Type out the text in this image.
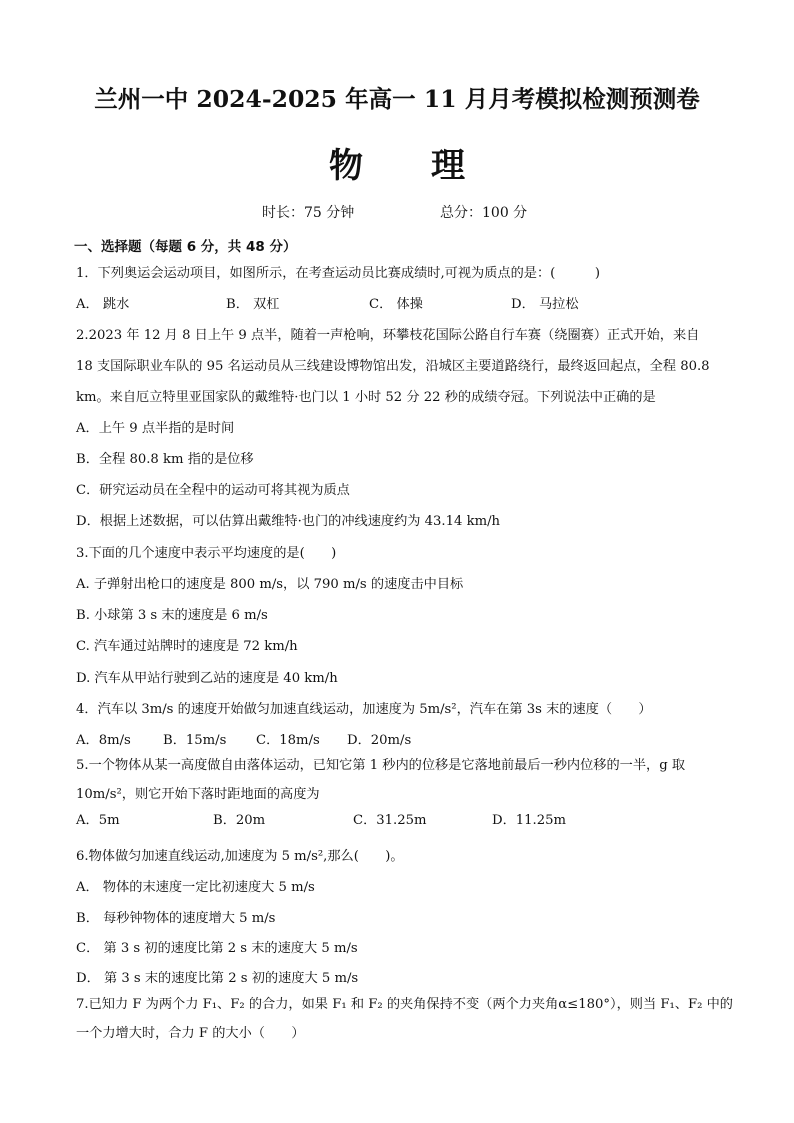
兰州一中 2024-2025 年高一 11 月月考模拟检测预测卷
物　　理
时长：75 分钟	总分：100 分
一、选择题（每题 6 分，共 48 分）
1．下列奥运会运动项目，如图所示，在考查运动员比赛成绩时,可视为质点的是：(　　　)
A． 跳水	B． 双杠	C． 体操	D． 马拉松
2.2023 年 12 月 8 日上午 9 点半，随着一声枪响，环攀枝花国际公路自行车赛（绕圈赛）正式开始，来自
18 支国际职业车队的 95 名运动员从三线建设博物馆出发，沿城区主要道路绕行，最终返回起点，全程 80.8
km。来自厄立特里亚国家队的戴维特·也门以 1 小时 52 分 22 秒的成绩夺冠。下列说法中正确的是
A．上午 9 点半指的是时间
B．全程 80.8 km 指的是位移
C．研究运动员在全程中的运动可将其视为质点
D．根据上述数据，可以估算出戴维特·也门的冲线速度约为 43.14 km/h
3.下面的几个速度中表示平均速度的是(　　)
A. 子弹射出枪口的速度是 800 m/s，以 790 m/s 的速度击中目标
B. 小球第 3 s 末的速度是 6 m/s
C. 汽车通过站牌时的速度是 72 km/h
D. 汽车从甲站行驶到乙站的速度是 40 km/h
4．汽车以 3m/s 的速度开始做匀加速直线运动，加速度为 5m/s²，汽车在第 3s 末的速度（　　）
A．8m/s B．15m/s C．18m/s D．20m/s
5.一个物体从某一高度做自由落体运动，已知它第 1 秒内的位移是它落地前最后一秒内位移的一半，g 取
10m/s²，则它开始下落时距地面的高度为
A．5m	B．20m	C．31.25m	D．11.25m
6.物体做匀加速直线运动,加速度为 5 m/s²,那么(　　)。
A． 物体的末速度一定比初速度大 5 m/s
B． 每秒钟物体的速度增大 5 m/s
C． 第 3 s 初的速度比第 2 s 末的速度大 5 m/s
D． 第 3 s 末的速度比第 2 s 初的速度大 5 m/s
7.已知力 F 为两个力 F₁、F₂ 的合力，如果 F₁ 和 F₂ 的夹角保持不变（两个力夹角α≤180°），则当 F₁、F₂ 中的
一个力增大时，合力 F 的大小（　　）
